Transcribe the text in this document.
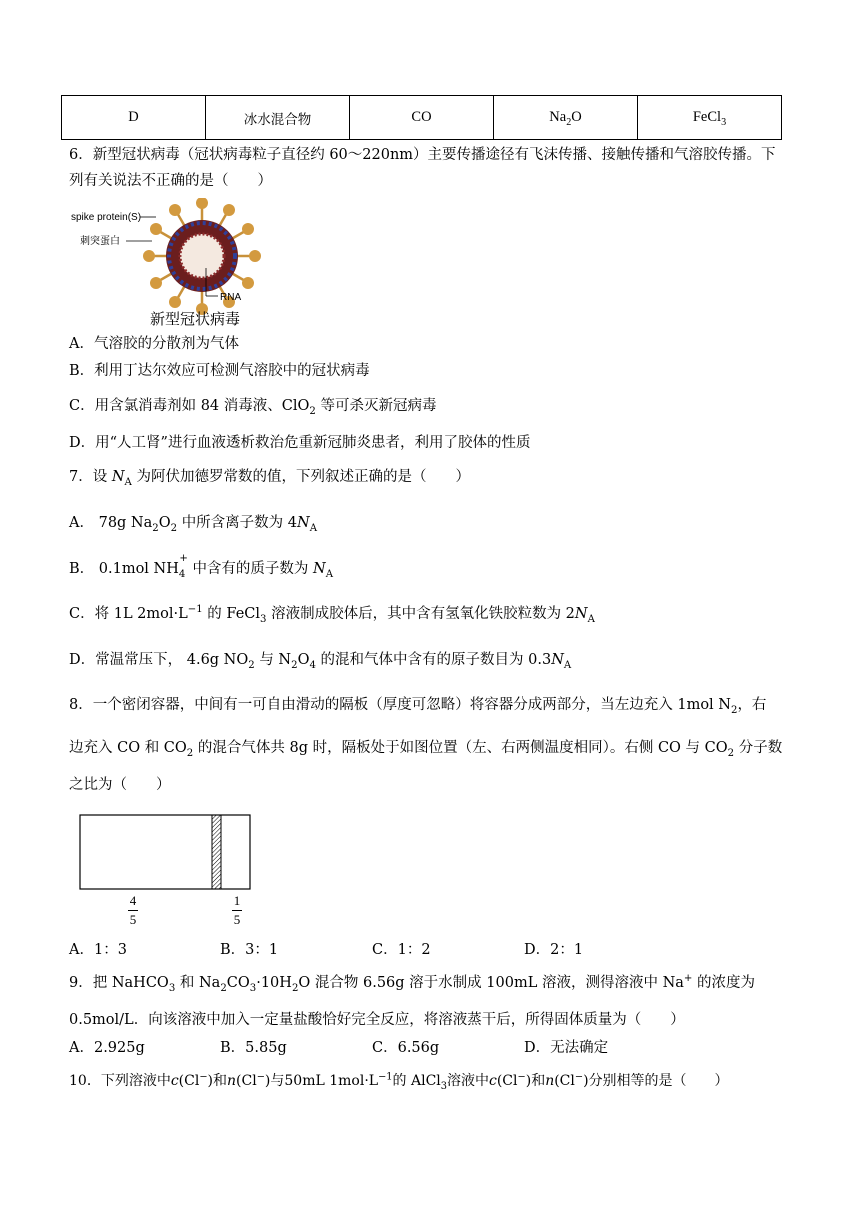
D	冰水混合物	CO	$Na_2O$	FeCl$_3$
6．新型冠状病毒（冠状病毒粒子直径约 60～220nm）主要传播途径有飞沫传播、接触传播和气溶胶传播。下
列有关说法不正确的是（　　）
spike protein(S)
刺突蛋白
RNA
新型冠状病毒
A．气溶胶的分散剂为气体
B．利用丁达尔效应可检测气溶胶中的冠状病毒
C．用含氯消毒剂如 84 消毒液、ClO$_2$ 等可杀灭新冠病毒
D．用“人工肾”进行血液透析救治危重新冠肺炎患者，利用了胶体的性质
7．设 $N_A$ 为阿伏加德罗常数的值，下列叙述正确的是（　　）
A． 78g $Na_2O_2$ 中所含离子数为 $4N_A$
B． 0.1mol $NH_4^+$ 中含有的质子数为 $N_A$
C．将 1L $2mol\cdot L^{-1}$ 的 FeCl$_3$ 溶液制成胶体后，其中含有氢氧化铁胶粒数为 $2N_A$
D．常温常压下， 4.6g $NO_2$ 与 $N_2O_4$ 的混和气体中含有的原子数目为 $0.3N_A$
8．一个密闭容器，中间有一可自由滑动的隔板（厚度可忽略）将容器分成两部分，当左边充入 1mol $N_2$，右
边充入 CO 和 $CO_2$ 的混合气体共 8g 时，隔板处于如图位置（左、右两侧温度相同）。右侧 CO 与 $CO_2$ 分子数
之比为（　　）
$\frac{4}{5}$	$\frac{1}{5}$
A．1：3	B．3：1	C．1：2	D．2：1
9．把 NaHCO$_3$ 和 $Na_2CO_3\cdot 10H_2O$ 混合物 6.56g 溶于水制成 100mL 溶液，测得溶液中 Na+ 的浓度为
0.5mol/L．向该溶液中加入一定量盐酸恰好完全反应，将溶液蒸干后，所得固体质量为（　　）
A．2.925g	B．5.85g	C．6.56g	D．无法确定
10．下列溶液中c(Cl−)和n(Cl−)与50mL $1mol\cdot L^{-1}$的 AlCl$_3$溶液中c(Cl−)和n(Cl−)分别相等的是（　　）
